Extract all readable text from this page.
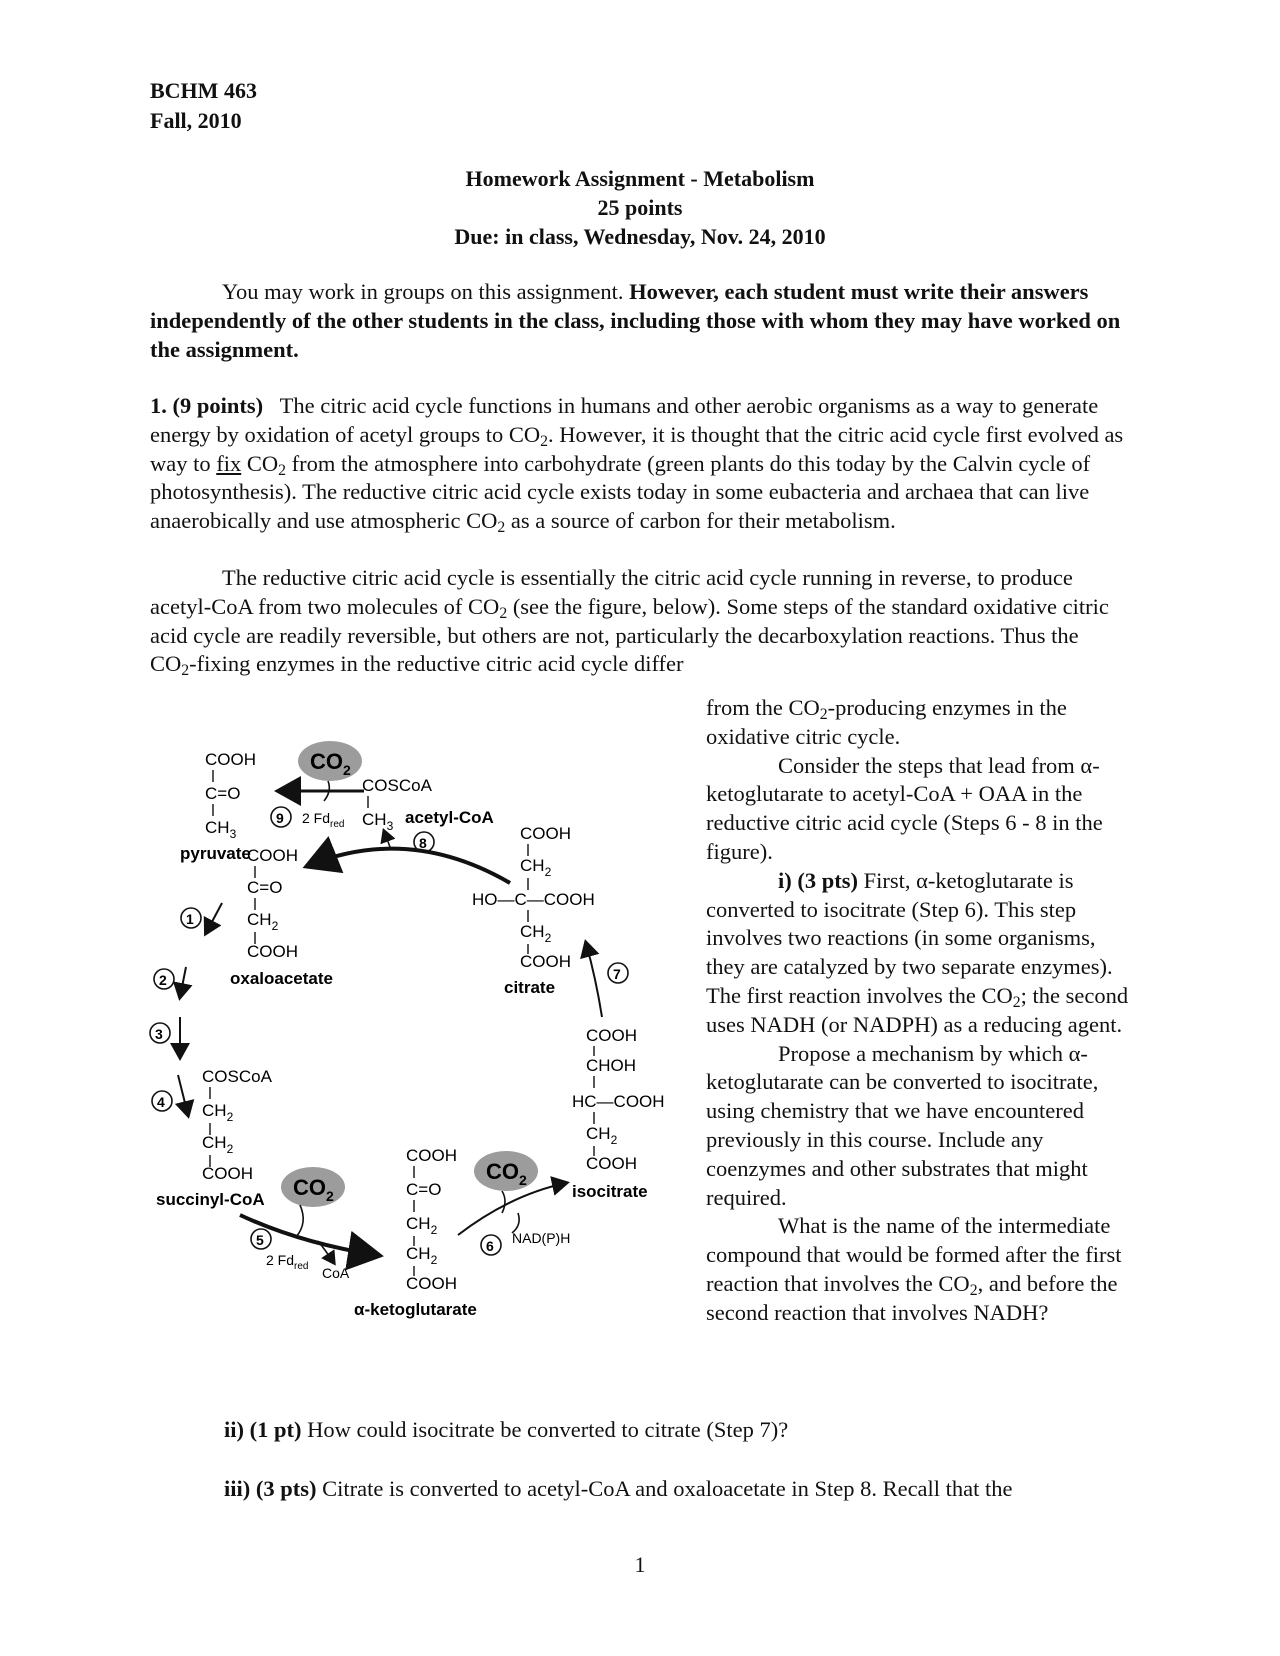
BCHM 463
Fall, 2010
Homework Assignment - Metabolism
25 points
Due: in class, Wednesday, Nov. 24, 2010
You may work in groups on this assignment. However, each student must write their answers independently of the other students in the class, including those with whom they may have worked on the assignment.
1. (9 points) The citric acid cycle functions in humans and other aerobic organisms as a way to generate energy by oxidation of acetyl groups to $CO_2$. However, it is thought that the citric acid cycle first evolved as way to fix $CO_2$ from the atmosphere into carbohydrate (green plants do this today by the Calvin cycle of photosynthesis). The reductive citric acid cycle exists today in some eubacteria and archaea that can live anaerobically and use atmospheric $CO_2$ as a source of carbon for their metabolism.
The reductive citric acid cycle is essentially the citric acid cycle running in reverse, to produce acetyl-CoA from two molecules of $CO_2$ (see the figure, below). Some steps of the standard oxidative citric acid cycle are readily reversible, but others are not, particularly the decarboxylation reactions. Thus the $CO_2$-fixing enzymes in the reductive citric acid cycle differ
from the $CO_2$-producing enzymes in the oxidative citric cycle.
Consider the steps that lead from α-ketoglutarate to acetyl-CoA + OAA in the reductive citric acid cycle (Steps 6 - 8 in the figure).
i) (3 pts) First, α-ketoglutarate is converted to isocitrate (Step 6). This step involves two reactions (in some organisms, they are catalyzed by two separate enzymes). The first reaction involves the $CO_2$; the second uses NADH (or NADPH) as a reducing agent.
Propose a mechanism by which α-ketoglutarate can be converted to isocitrate, using chemistry that we have encountered previously in this course. Include any coenzymes and other substrates that might required.
What is the name of the intermediate compound that would be formed after the first reaction that involves the $CO_2$, and before the second reaction that involves NADH?
ii) (1 pt) How could isocitrate be converted to citrate (Step 7)?
iii) (3 pts) Citrate is converted to acetyl-CoA and oxaloacetate in Step 8. Recall that the
1
COOH
C=O
$CH_3$
pyruvate
$CO_2$
COSCoA
$CH_3$ acetyl-CoA
9 2 $Fd_{red}$
8
COOH
C=O
$CH_2$
COOH
oxaloacetate
COOH
$CH_2$
HO—C—COOH
$CH_2$
COOH
citrate
7
COOH
CHOH
HC—COOH
$CH_2$
COOH
isocitrate
1
2
3
4
COSCoA
$CH_2$
$CH_2$
COOH
succinyl-CoA $CO_2$
5
2 $Fd_{red}$ CoA
COOH
C=O
$CH_2$
$CH_2$
COOH
α-ketoglutarate
$CO_2$
6 NAD(P)H
